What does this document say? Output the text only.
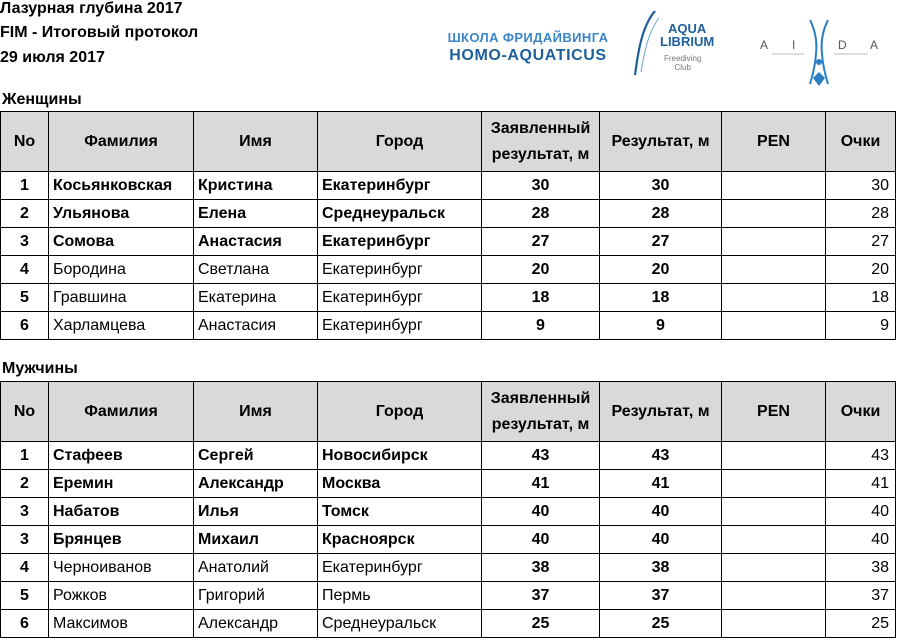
Лазурная глубина 2017
FIM - Итоговый протокол
29 июля 2017
ШКОЛА ФРИДАЙВИНГА
HOMO-AQUATICUS
AQUA
LIBRIUM
Freediving
Club
A I	D A
Женщины
No	Фамилия	Имя	Город	Заявленный результат, м	Результат, м	PEN	Очки
1	Косьянковская	Кристина	Екатеринбург	30	30		30
2	Ульянова	Елена	Среднеуральск	28	28		28
3	Сомова	Анастасия	Екатеринбург	27	27		27
4	Бородина	Светлана	Екатеринбург	20	20		20
5	Гравшина	Екатерина	Екатеринбург	18	18		18
6	Харламцева	Анастасия	Екатеринбург	9	9		9
Мужчины
No	Фамилия	Имя	Город	Заявленный результат, м	Результат, м	PEN	Очки
1	Стафеев	Сергей	Новосибирск	43	43		43
2	Еремин	Александр	Москва	41	41		41
3	Набатов	Илья	Томск	40	40		40
3	Брянцев	Михаил	Красноярск	40	40		40
4	Черноиванов	Анатолий	Екатеринбург	38	38		38
5	Рожков	Григорий	Пермь	37	37		37
6	Максимов	Александр	Среднеуральск	25	25		25
